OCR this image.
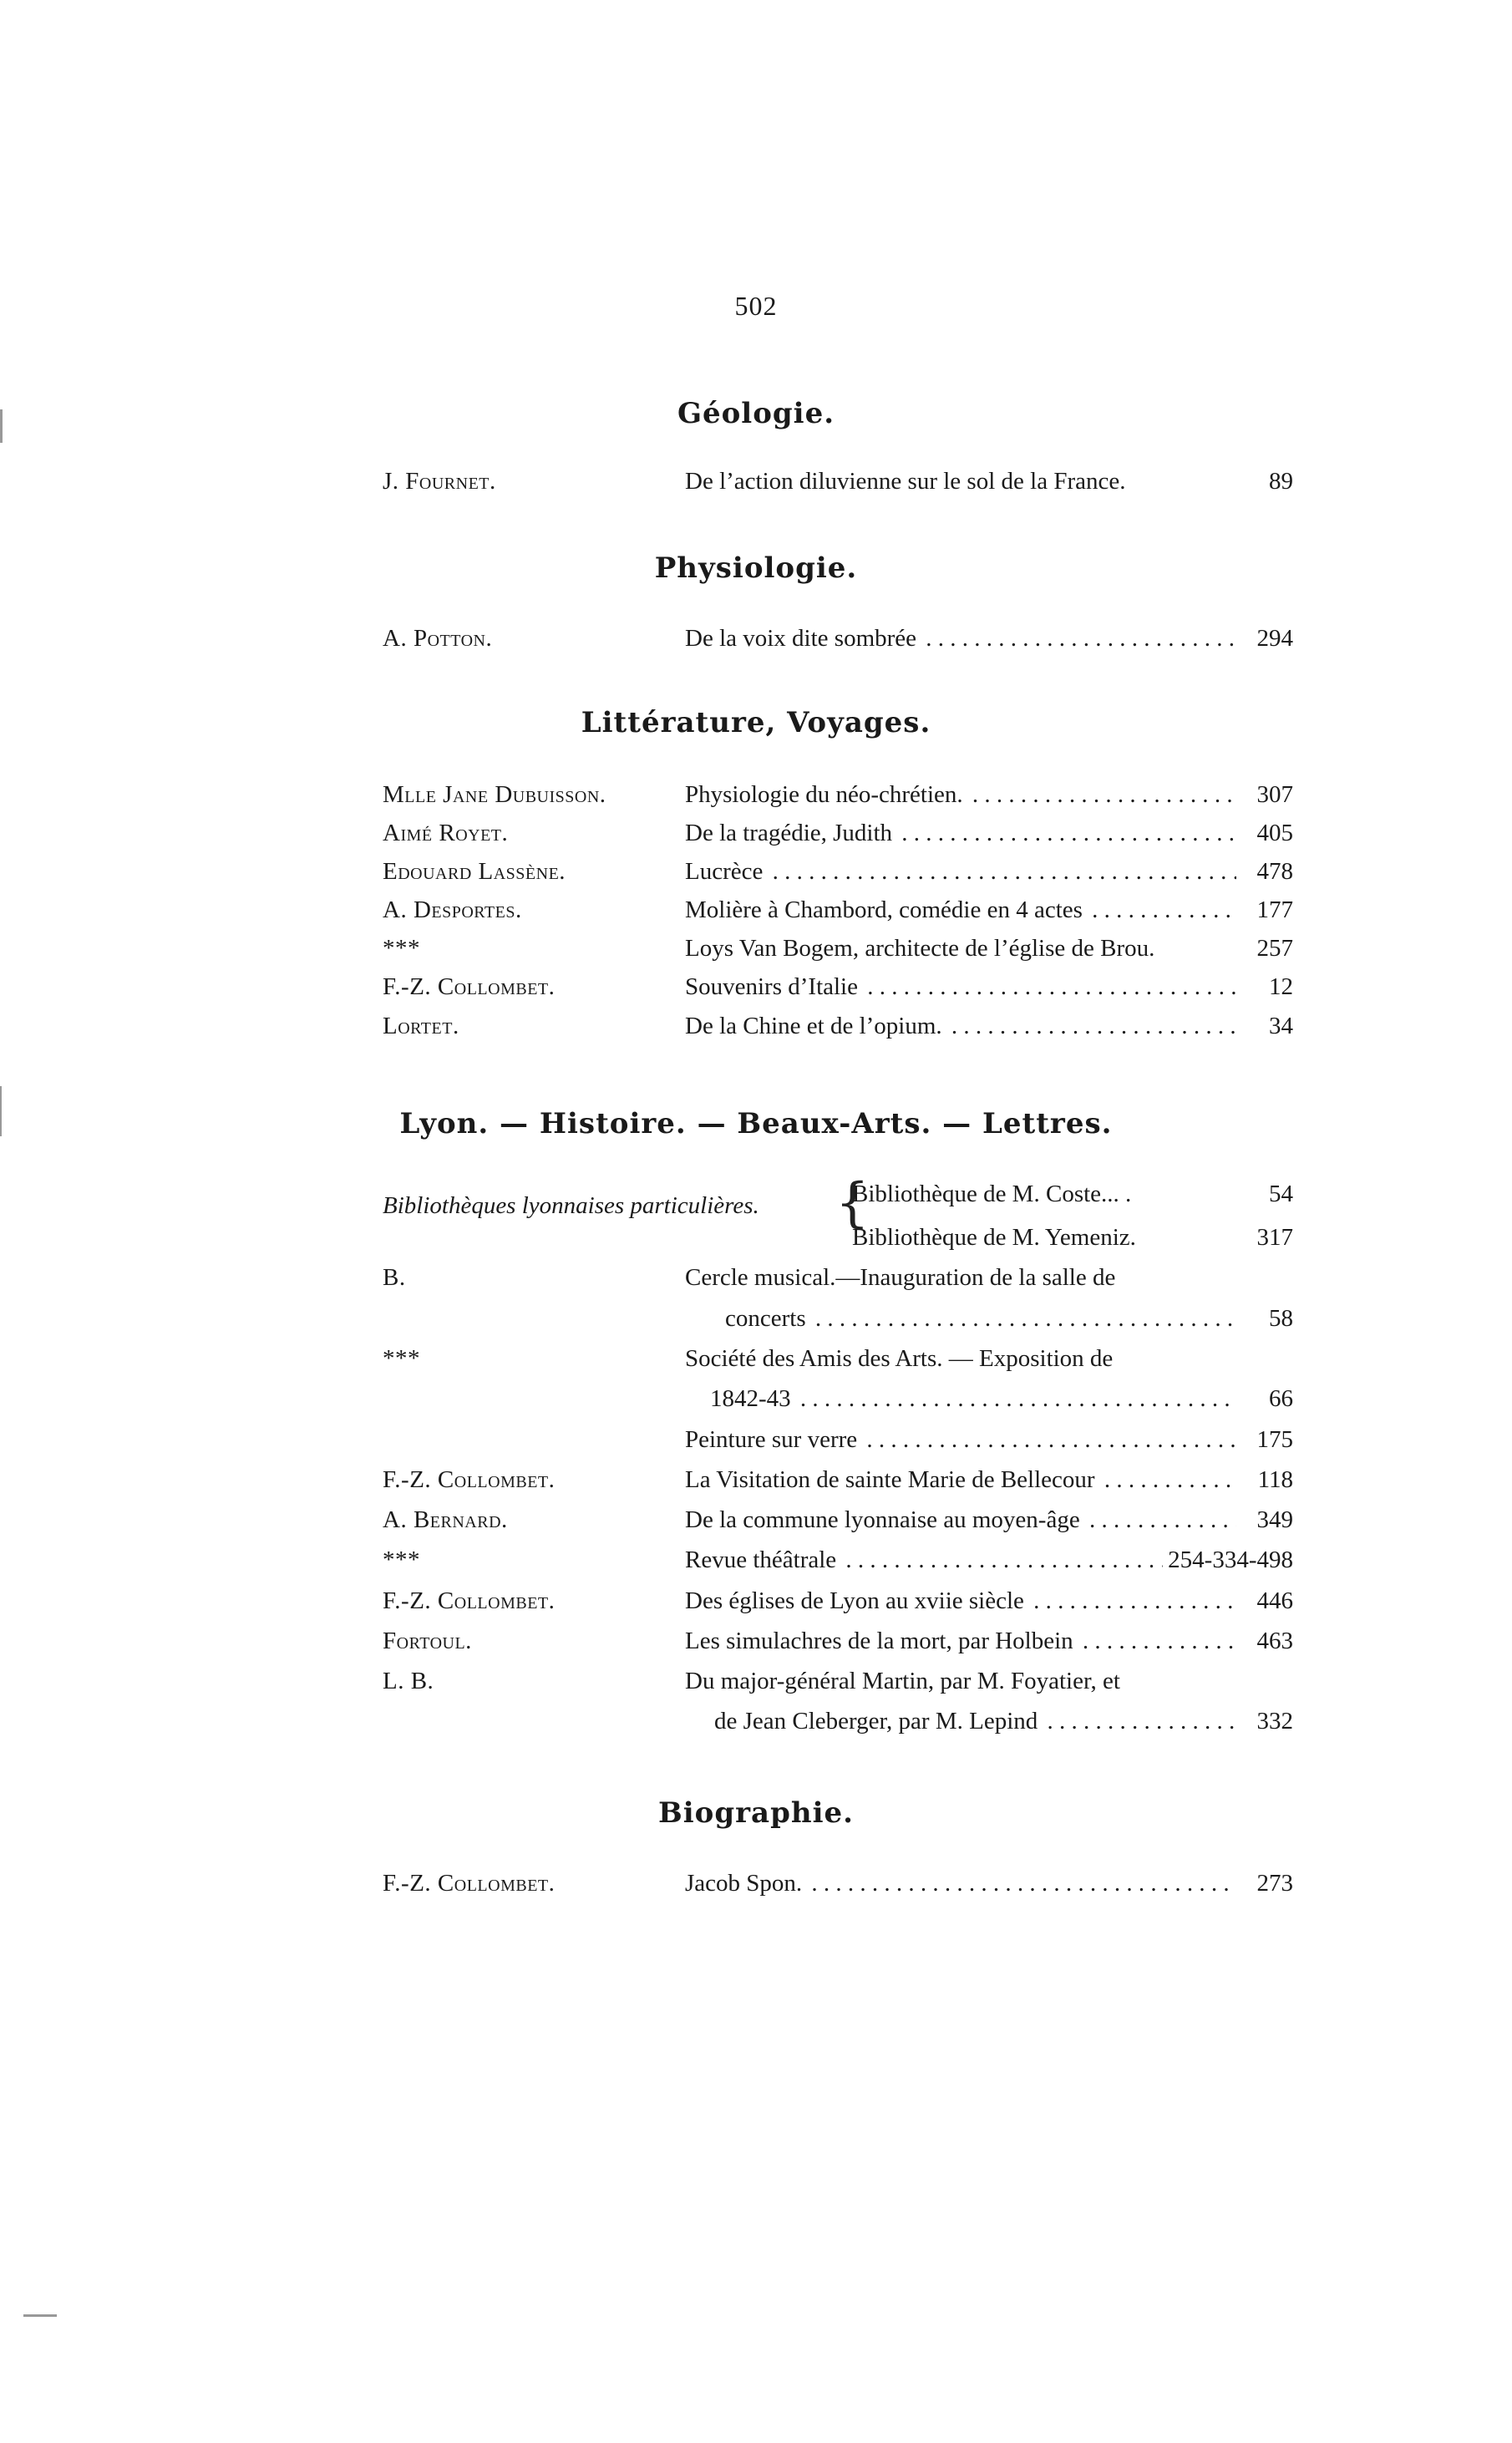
502
Géologie.
J. Fournet.	De l’action diluvienne sur le sol de la France.	89
Physiologie.
A. Potton.	De la voix dite sombrée . . .	294
Littérature, Voyages.
Mlle Jane Dubuisson.	Physiologie du néo-chrétien. . . .	307
Aimé Royet.	De la tragédie, Judith . . .	405
Edouard Lassène.	Lucrèce . . .	478
A. Desportes.	Molière à Chambord, comédie en 4 actes . . .	177
***	Loys Van Bogem, architecte de l’église de Brou.	257
F.-Z. Collombet.	Souvenirs d’Italie . . .	12
Lortet.	De la Chine et de l’opium. . . .	34
Lyon. — Histoire. — Beaux-Arts. — Lettres.
Bibliothèques lyonnaises particulières. {
Bibliothèque de M. Coste... .	54
Bibliothèque de M. Yemeniz.	317
B.	Cercle musical.—Inauguration de la salle de
concerts . . .	58
***	Société des Amis des Arts. — Exposition de
1842-43 . . .	66
Peinture sur verre . . .	175
F.-Z. Collombet.	La Visitation de sainte Marie de Bellecour . . .	118
A. Bernard.	De la commune lyonnaise au moyen-âge . . .	349
***	Revue théâtrale . . .	254-334-498
F.-Z. Collombet.	Des églises de Lyon au xviie siècle . . .	446
Fortoul.	Les simulachres de la mort, par Holbein . . .	463
L. B.	Du major-général Martin, par M. Foyatier, et
de Jean Cleberger, par M. Lepind . . .	332
Biographie.
F.-Z. Collombet.	Jacob Spon. . . .	273
